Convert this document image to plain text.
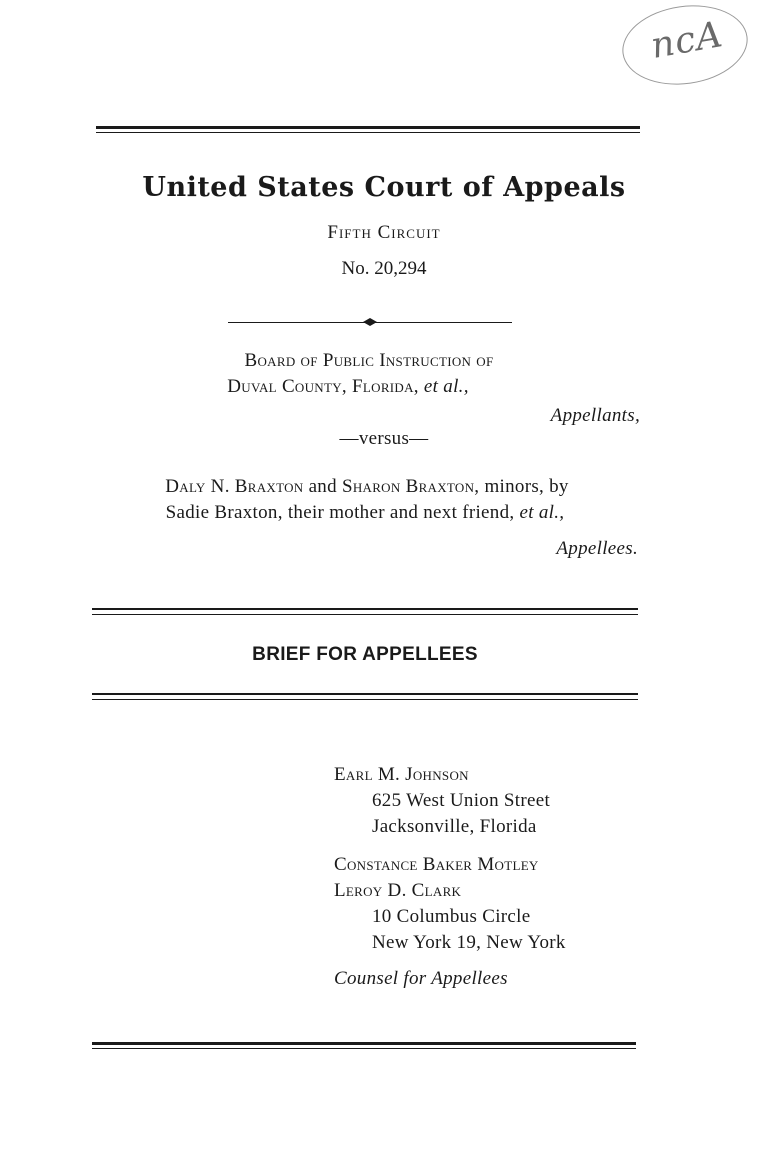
ncA
United States Court of Appeals
Fifth Circuit
No. 20,294
Board of Public Instruction of
Duval County, Florida, et al.,
Appellants,
—versus—
Daly N. Braxton and Sharon Braxton, minors, by
Sadie Braxton, their mother and next friend, et al.,
Appellees.
BRIEF FOR APPELLEES
Earl M. Johnson
625 West Union Street
Jacksonville, Florida
Constance Baker Motley
Leroy D. Clark
10 Columbus Circle
New York 19, New York
Counsel for Appellees
